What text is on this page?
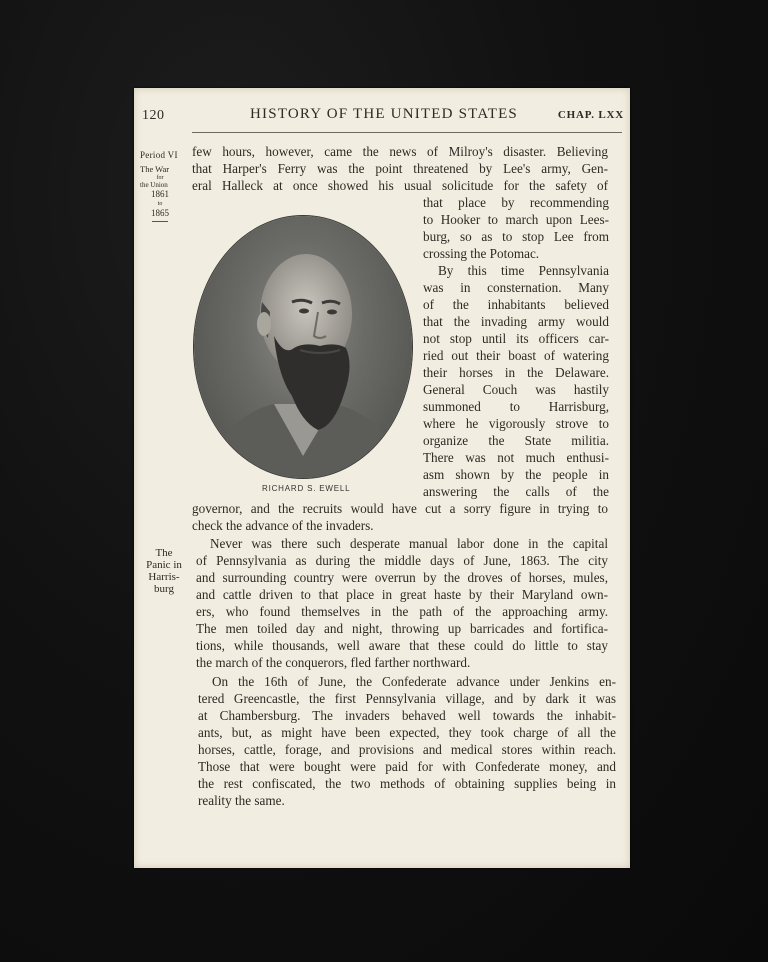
120	HISTORY OF THE UNITED STATES	CHAP. LXX
Period VI
The War
for
the Union
1861
to
1865
The
Panic in
Harris-
burg
RICHARD S. EWELL
few hours, however, came the news of Milroy's disaster. Believing
that Harper's Ferry was the point threatened by Lee's army, Gen-
eral Halleck at once showed his usual solicitude for the safety of
that place by recommending
to Hooker to march upon Lees-
burg, so as to stop Lee from
crossing the Potomac.
By this time Pennsylvania
was in consternation. Many
of the inhabitants believed
that the invading army would
not stop until its officers car-
ried out their boast of watering
their horses in the Delaware.
General Couch was hastily
summoned to Harrisburg,
where he vigorously strove to
organize the State militia.
There was not much enthusi-
asm shown by the people in
answering the calls of the
governor, and the recruits would have cut a sorry figure in trying to
check the advance of the invaders.
Never was there such desperate manual labor done in the capital
of Pennsylvania as during the middle days of June, 1863. The city
and surrounding country were overrun by the droves of horses, mules,
and cattle driven to that place in great haste by their Maryland own-
ers, who found themselves in the path of the approaching army.
The men toiled day and night, throwing up barricades and fortifica-
tions, while thousands, well aware that these could do little to stay
the march of the conquerors, fled farther northward.
On the 16th of June, the Confederate advance under Jenkins en-
tered Greencastle, the first Pennsylvania village, and by dark it was
at Chambersburg. The invaders behaved well towards the inhabit-
ants, but, as might have been expected, they took charge of all the
horses, cattle, forage, and provisions and medical stores within reach.
Those that were bought were paid for with Confederate money, and
the rest confiscated, the two methods of obtaining supplies being in
reality the same.
